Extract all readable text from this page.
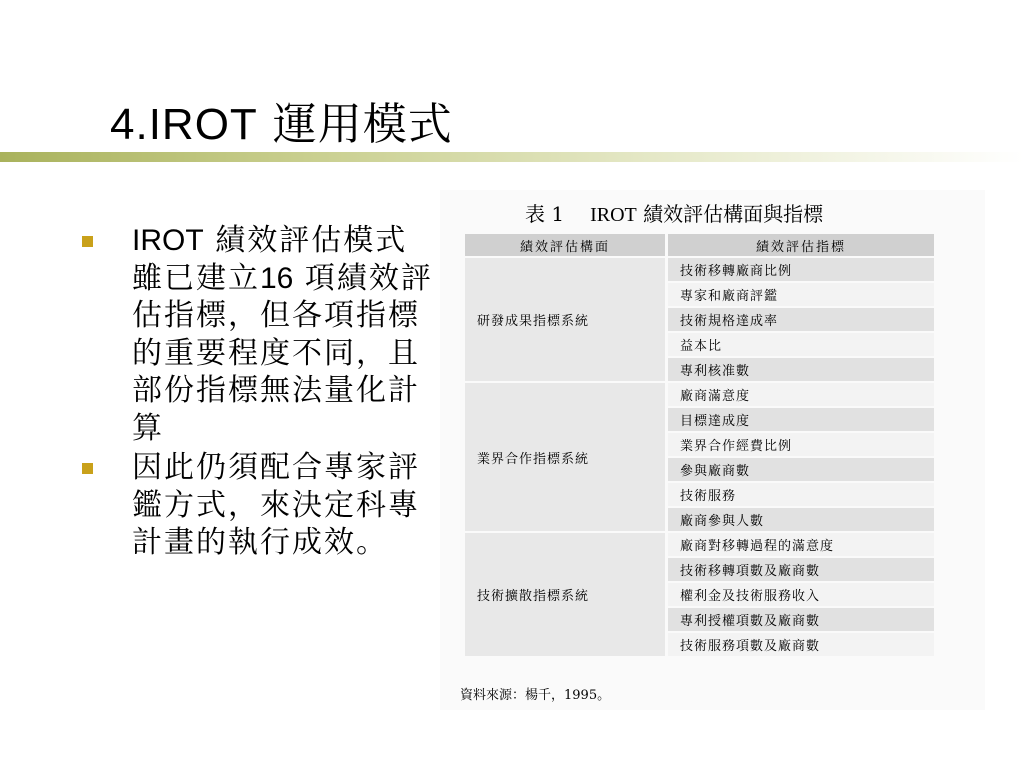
4.IROT 運用模式
IROT 績效評估模式雖已建立16 項績效評估指標，但各項指標的重要程度不同，且部份指標無法量化計算
因此仍須配合專家評鑑方式，來決定科專計畫的執行成效。
表 1 IROT 績效評估構面與指標
績效評估構面	績效評估指標
研發成果指標系統	技術移轉廠商比例
	專家和廠商評鑑
	技術規格達成率
	益本比
	專利核准數
業界合作指標系統	廠商滿意度
	目標達成度
	業界合作經費比例
	參與廠商數
	技術服務
	廠商參與人數
技術擴散指標系統	廠商對移轉過程的滿意度
	技術移轉項數及廠商數
	權利金及技術服務收入
	專利授權項數及廠商數
	技術服務項數及廠商數
資料來源：楊千，1995。
